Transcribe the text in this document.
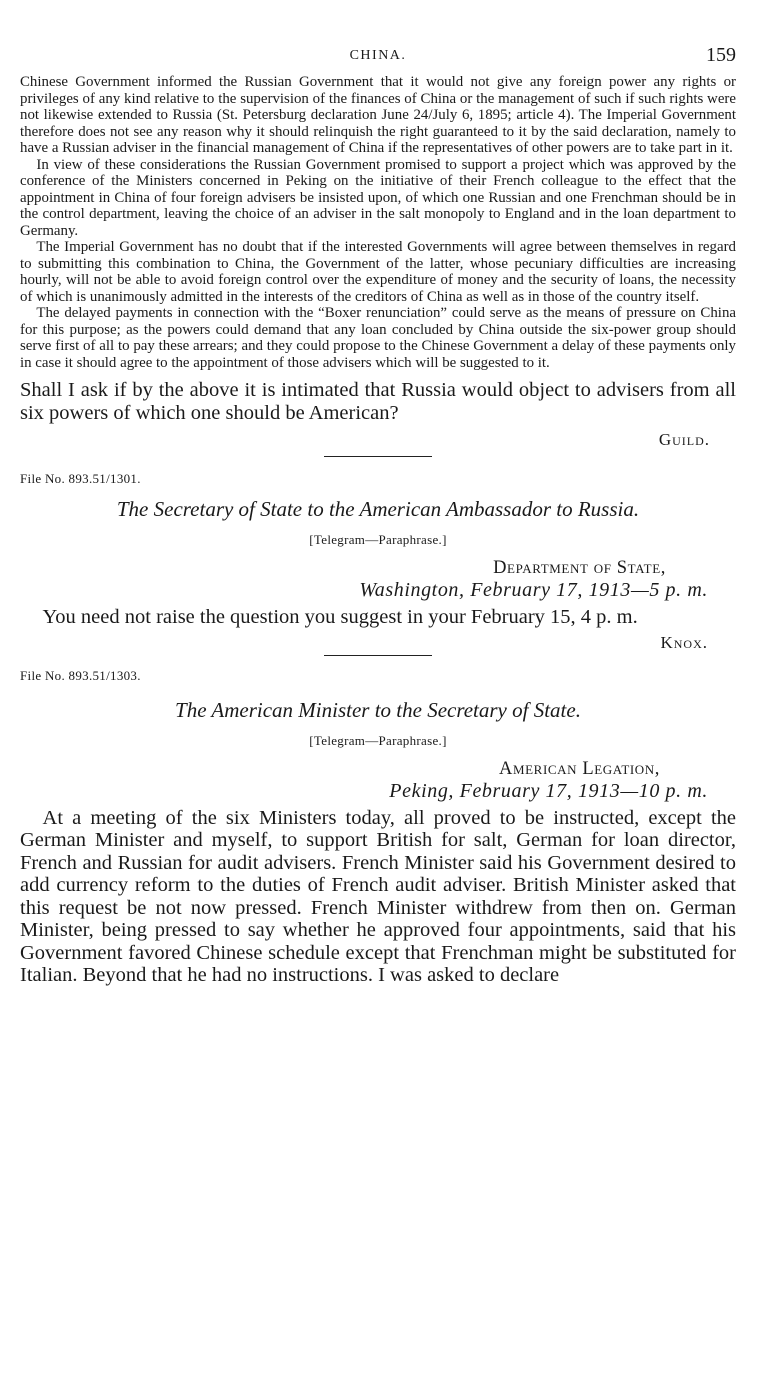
CHINA.	159

Chinese Government informed the Russian Government that it would not give any foreign power any rights or privileges of any kind relative to the supervision of the finances of China or the management of such if such rights were not likewise extended to Russia (St. Petersburg declaration June 24/July 6, 1895; article 4). The Imperial Government therefore does not see any reason why it should relinquish the right guaranteed to it by the said declaration, namely to have a Russian adviser in the financial management of China if the representatives of other powers are to take part in it.

In view of these considerations the Russian Government promised to support a project which was approved by the conference of the Ministers concerned in Peking on the initiative of their French colleague to the effect that the appointment in China of four foreign advisers be insisted upon, of which one Russian and one Frenchman should be in the control department, leaving the choice of an adviser in the salt monopoly to England and in the loan department to Germany.

The Imperial Government has no doubt that if the interested Governments will agree between themselves in regard to submitting this combination to China, the Government of the latter, whose pecuniary difficulties are increasing hourly, will not be able to avoid foreign control over the expenditure of money and the security of loans, the necessity of which is unanimously admitted in the interests of the creditors of China as well as in those of the country itself.

The delayed payments in connection with the “Boxer renunciation” could serve as the means of pressure on China for this purpose; as the powers could demand that any loan concluded by China outside the six-power group should serve first of all to pay these arrears; and they could propose to the Chinese Government a delay of these payments only in case it should agree to the appointment of those advisers which will be suggested to it.

Shall I ask if by the above it is intimated that Russia would object to advisers from all six powers of which one should be American?

Guild.

File No. 893.51/1301.

The Secretary of State to the American Ambassador to Russia.

[Telegram—Paraphrase.]

Department of State,

Washington, February 17, 1913—5 p. m.

You need not raise the question you suggest in your February 15, 4 p. m.

Knox.

File No. 893.51/1303.

The American Minister to the Secretary of State.

[Telegram—Paraphrase.]

American Legation,

Peking, February 17, 1913—10 p. m.

At a meeting of the six Ministers today, all proved to be instructed, except the German Minister and myself, to support British for salt, German for loan director, French and Russian for audit advisers. French Minister said his Government desired to add currency reform to the duties of French audit adviser. British Minister asked that this request be not now pressed. French Minister withdrew from then on. German Minister, being pressed to say whether he approved four appointments, said that his Government favored Chinese schedule except that Frenchman might be substituted for Italian. Beyond that he had no instructions. I was asked to declare
